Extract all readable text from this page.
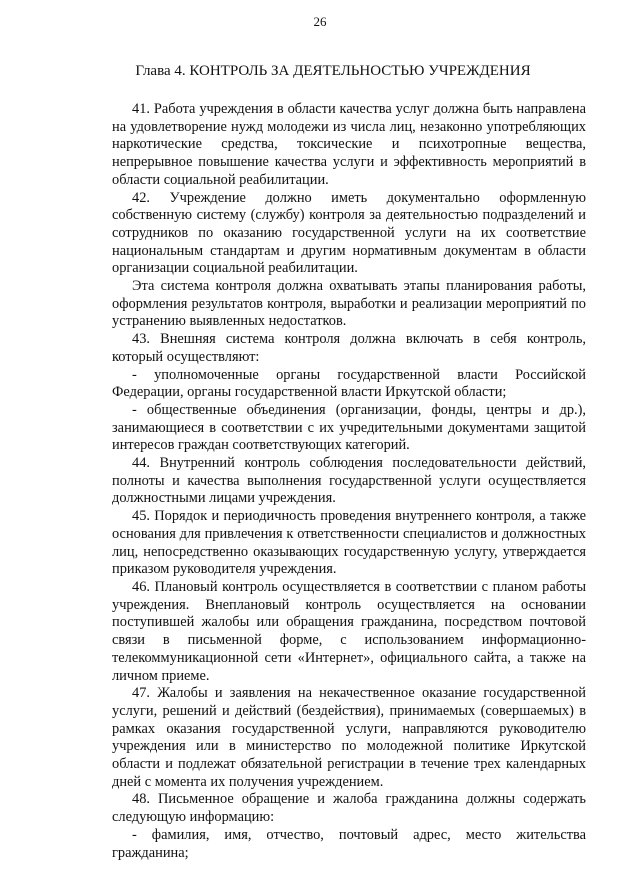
26
Глава 4. КОНТРОЛЬ ЗА ДЕЯТЕЛЬНОСТЬЮ УЧРЕЖДЕНИЯ

41. Работа учреждения в области качества услуг должна быть направлена на удовлетворение нужд молодежи из числа лиц, незаконно употребляющих наркотические средства, токсические и психотропные вещества, непрерывное повышение качества услуги и эффективность мероприятий в области социальной реабилитации.

42. Учреждение должно иметь документально оформленную собственную систему (службу) контроля за деятельностью подразделений и сотрудников по оказанию государственной услуги на их соответствие национальным стандартам и другим нормативным документам в области организации социальной реабилитации.

Эта система контроля должна охватывать этапы планирования работы, оформления результатов контроля, выработки и реализации мероприятий по устранению выявленных недостатков.

43. Внешняя система контроля должна включать в себя контроль, который осуществляют:

- уполномоченные органы государственной власти Российской Федерации, органы государственной власти Иркутской области;

- общественные объединения (организации, фонды, центры и др.), занимающиеся в соответствии с их учредительными документами защитой интересов граждан соответствующих категорий.

44. Внутренний контроль соблюдения последовательности действий, полноты и качества выполнения государственной услуги осуществляется должностными лицами учреждения.

45. Порядок и периодичность проведения внутреннего контроля, а также основания для привлечения к ответственности специалистов и должностных лиц, непосредственно оказывающих государственную услугу, утверждается приказом руководителя учреждения.

46. Плановый контроль осуществляется в соответствии с планом работы учреждения. Внеплановый контроль осуществляется на основании поступившей жалобы или обращения гражданина, посредством почтовой связи в письменной форме, с использованием информационно-телекоммуникационной сети «Интернет», официального сайта, а также на личном приеме.

47. Жалобы и заявления на некачественное оказание государственной услуги, решений и действий (бездействия), принимаемых (совершаемых) в рамках оказания государственной услуги, направляются руководителю учреждения или в министерство по молодежной политике Иркутской области и подлежат обязательной регистрации в течение трех календарных дней с момента их получения учреждением.

48. Письменное обращение и жалоба гражданина должны содержать следующую информацию:

- фамилия, имя, отчество, почтовый адрес, место жительства гражданина;
